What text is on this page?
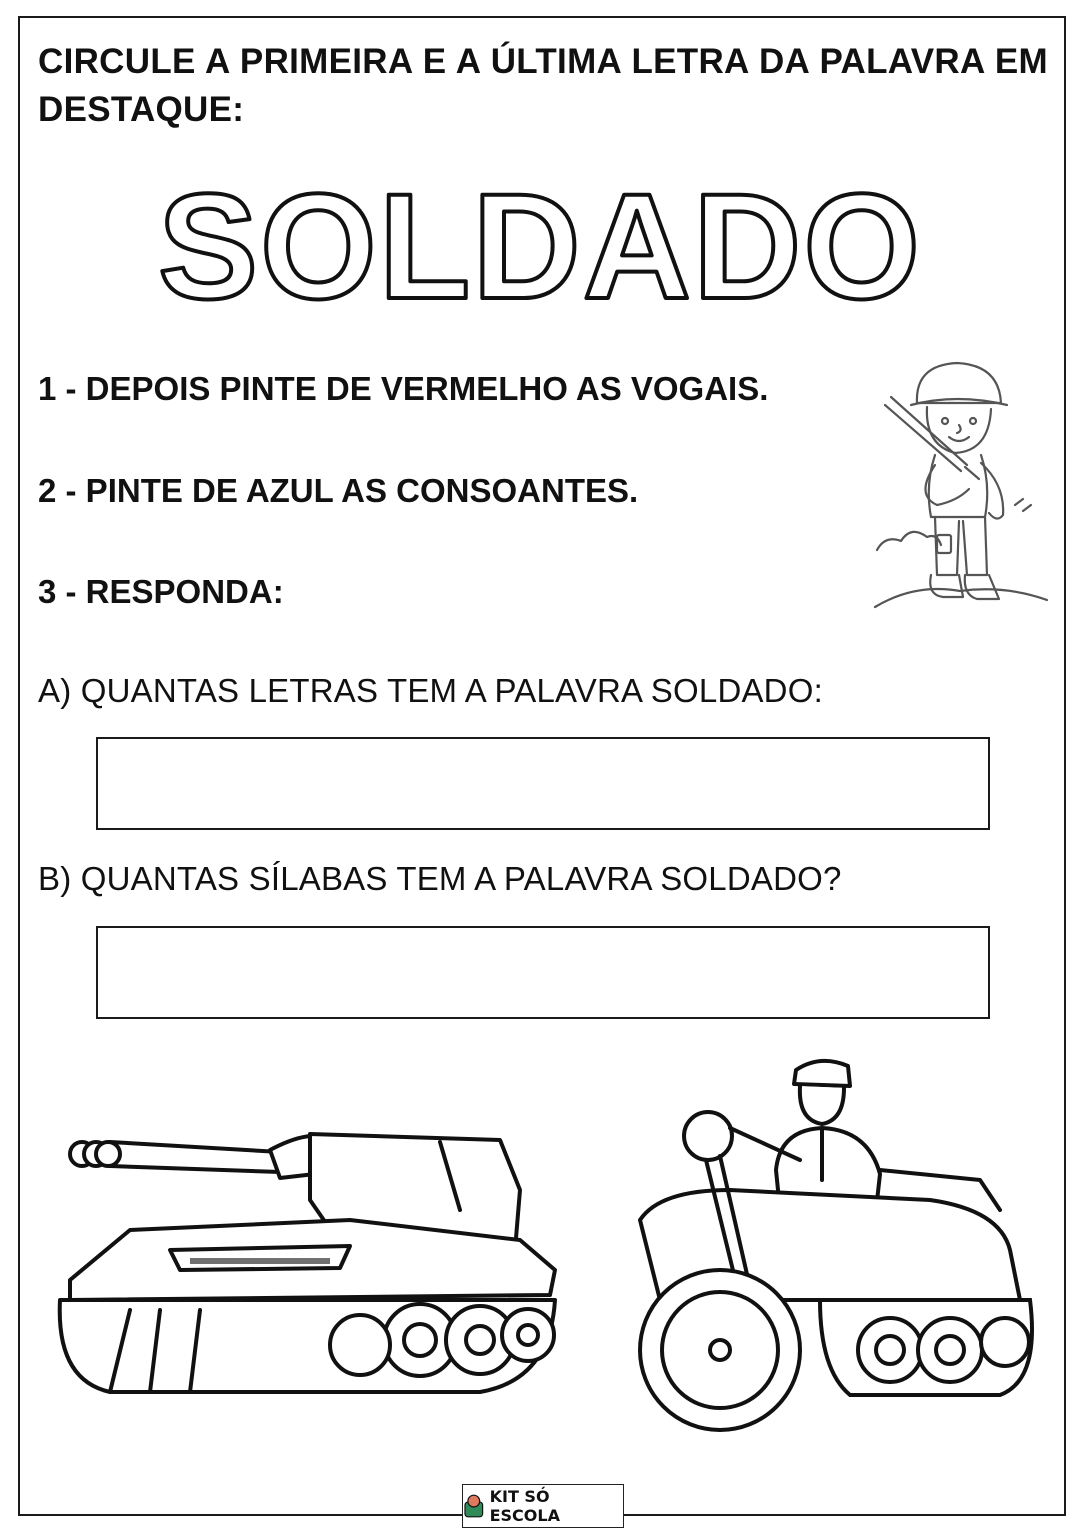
CIRCULE A PRIMEIRA E A ÚLTIMA LETRA DA PALAVRA EM DESTAQUE:
SOLDADO
1 - DEPOIS PINTE DE VERMELHO AS VOGAIS.
2 - PINTE DE AZUL AS CONSOANTES.
3 - RESPONDA:
A) QUANTAS LETRAS TEM A PALAVRA SOLDADO:
B) QUANTAS SÍLABAS TEM A PALAVRA SOLDADO?
KIT SÓ ESCOLA
